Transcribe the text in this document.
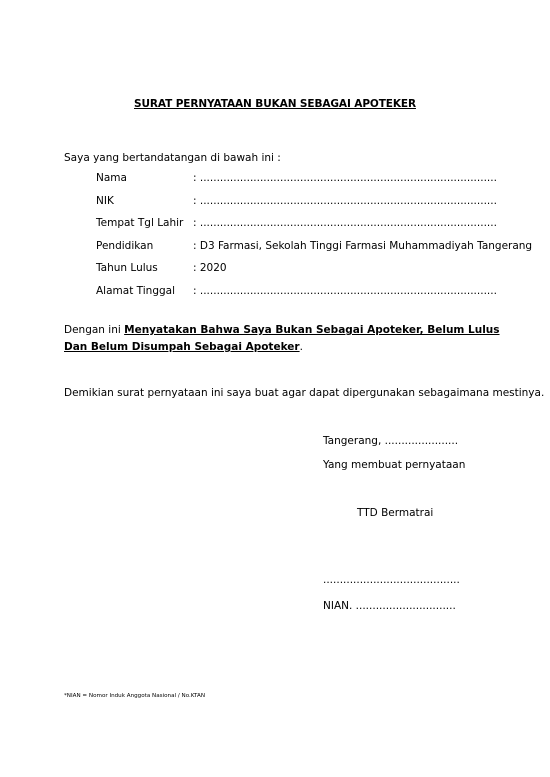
SURAT PERNYATAAN BUKAN SEBAGAI APOTEKER
Saya yang bertandatangan di bawah ini :
Nama	: .........................................................................................
NIK	: .........................................................................................
Tempat Tgl Lahir : .........................................................................................
Pendidikan	: D3 Farmasi, Sekolah Tinggi Farmasi Muhammadiyah Tangerang
Tahun Lulus	: 2020
Alamat Tinggal : .........................................................................................
Dengan ini Menyatakan Bahwa Saya Bukan Sebagai Apoteker, Belum Lulus Dan Belum Disumpah Sebagai Apoteker.
Demikian surat pernyataan ini saya buat agar dapat dipergunakan sebagaimana mestinya.
Tangerang, ......................
Yang membuat pernyataan
TTD Bermatrai
.........................................
NIAN. ..............................
*NIAN = Nomor Induk Anggota Nasional / No.KTAN
